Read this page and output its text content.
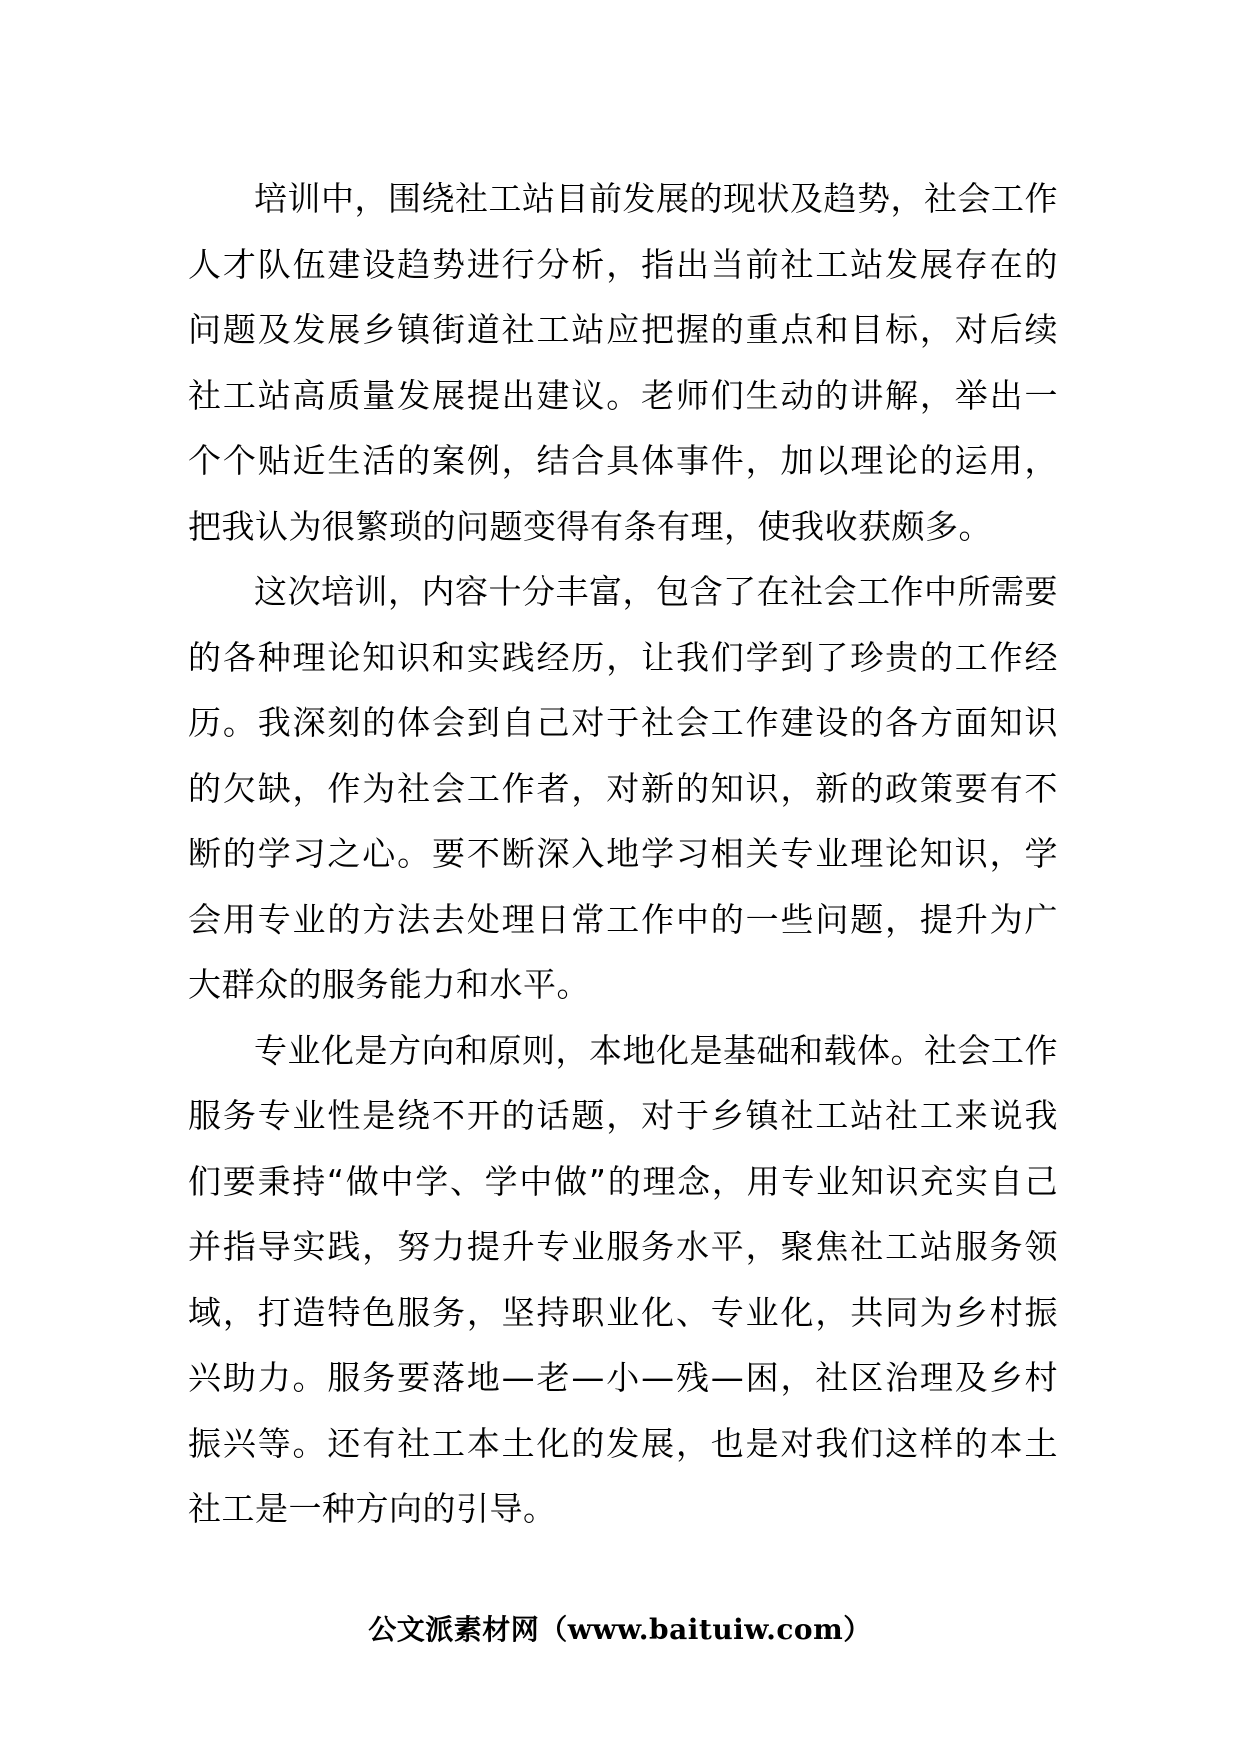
培训中，围绕社工站目前发展的现状及趋势，社会工作人才队伍建设趋势进行分析，指出当前社工站发展存在的问题及发展乡镇街道社工站应把握的重点和目标，对后续社工站高质量发展提出建议。老师们生动的讲解，举出一个个贴近生活的案例，结合具体事件，加以理论的运用，把我认为很繁琐的问题变得有条有理，使我收获颇多。

这次培训，内容十分丰富，包含了在社会工作中所需要的各种理论知识和实践经历，让我们学到了珍贵的工作经历。我深刻的体会到自己对于社会工作建设的各方面知识的欠缺，作为社会工作者，对新的知识，新的政策要有不断的学习之心。要不断深入地学习相关专业理论知识，学会用专业的方法去处理日常工作中的一些问题，提升为广大群众的服务能力和水平。

专业化是方向和原则，本地化是基础和载体。社会工作服务专业性是绕不开的话题，对于乡镇社工站社工来说我们要秉持“做中学、学中做”的理念，用专业知识充实自己并指导实践，努力提升专业服务水平，聚焦社工站服务领域，打造特色服务，坚持职业化、专业化，共同为乡村振兴助力。服务要落地—老—小—残—困，社区治理及乡村振兴等。还有社工本土化的发展，也是对我们这样的本土社工是一种方向的引导。

公文派素材网（www.baituiw.com）
